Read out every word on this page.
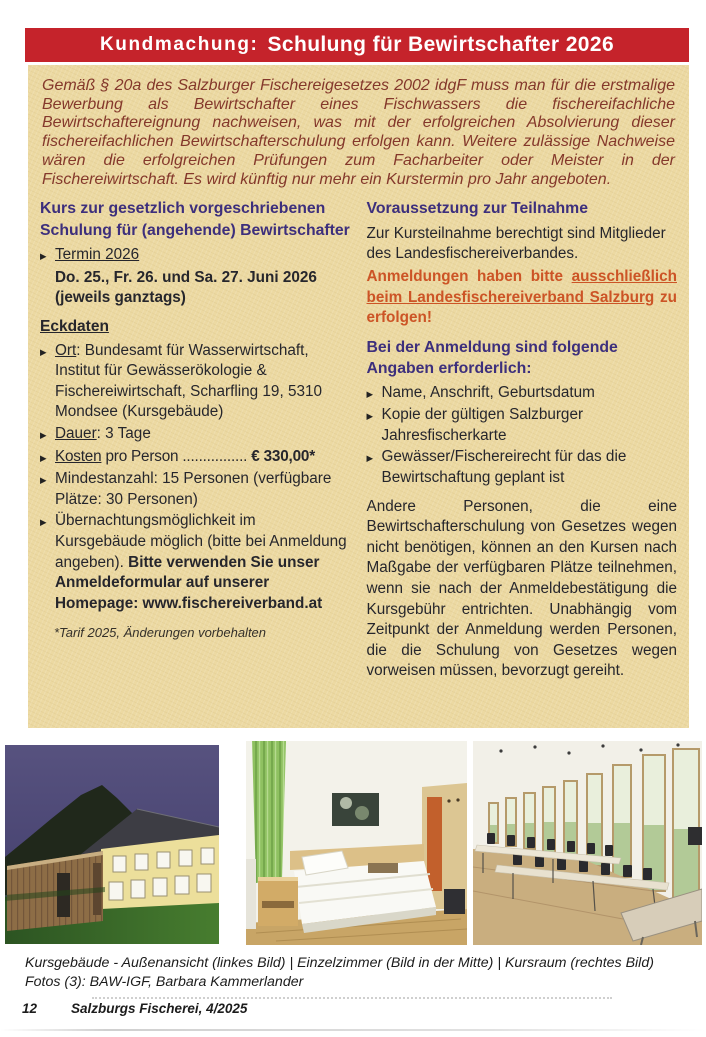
Kundmachung: Schulung für Bewirtschafter 2026

Gemäß § 20a des Salzburger Fischereigesetzes 2002 idgF muss man für die erstmalige Bewerbung als Bewirtschafter eines Fischwassers die fischereifachliche Bewirtschaftereignung nachweisen, was mit der erfolgreichen Absolvierung dieser fischereifachlichen Bewirtschafterschulung erfolgen kann. Weitere zulässige Nachweise wären die erfolgreichen Prüfungen zum Facharbeiter oder Meister in der Fischereiwirtschaft. Es wird künftig nur mehr ein Kurstermin pro Jahr angeboten.

Kurs zur gesetzlich vorgeschriebenen Schulung für (angehende) Bewirtschafter
▶ Termin 2026

Do. 25., Fr. 26. und Sa. 27. Juni 2026

(jeweils ganztags)

Eckdaten
▶ Ort: Bundesamt für Wasserwirtschaft, Institut für Gewässerökologie & Fischereiwirtschaft, Scharfling 19, 5310 Mondsee (Kursgebäude)
▶ Dauer: 3 Tage
▶ Kosten pro Person ................ € 330,00*
▶ Mindestanzahl: 15 Personen (verfügbare Plätze: 30 Personen)
▶ Übernachtungsmöglichkeit im Kursgebäude möglich (bitte bei Anmeldung angeben). Bitte verwenden Sie unser Anmeldeformular auf unserer Homepage: www.fischereiverband.at

*Tarif 2025, Änderungen vorbehalten

Voraussetzung zur Teilnahme

Zur Kursteilnahme berechtigt sind Mitglieder des Landesfischereiverbandes.

Anmeldungen haben bitte ausschließlich beim Landesfischereiverband Salzburg zu erfolgen!

Bei der Anmeldung sind folgende Angaben erforderlich:
▶ Name, Anschrift, Geburtsdatum
▶ Kopie der gültigen Salzburger Jahresfischerkarte
▶ Gewässer/Fischereirecht für das die Bewirtschaftung geplant ist

Andere Personen, die eine Bewirtschafterschulung von Gesetzes wegen nicht benötigen, können an den Kursen nach Maßgabe der verfügbaren Plätze teilnehmen, wenn sie nach der Anmeldebestätigung die Kursgebühr entrichten. Unabhängig vom Zeitpunkt der Anmeldung werden Personen, die die Schulung von Gesetzes wegen vorweisen müssen, bevorzugt gereiht.

Kursgebäude - Außenansicht (linkes Bild) | Einzelzimmer (Bild in der Mitte) | Kursraum (rechtes Bild)
Fotos (3): BAW-IGF, Barbara Kammerlander
12	Salzburgs Fischerei, 4/2025
